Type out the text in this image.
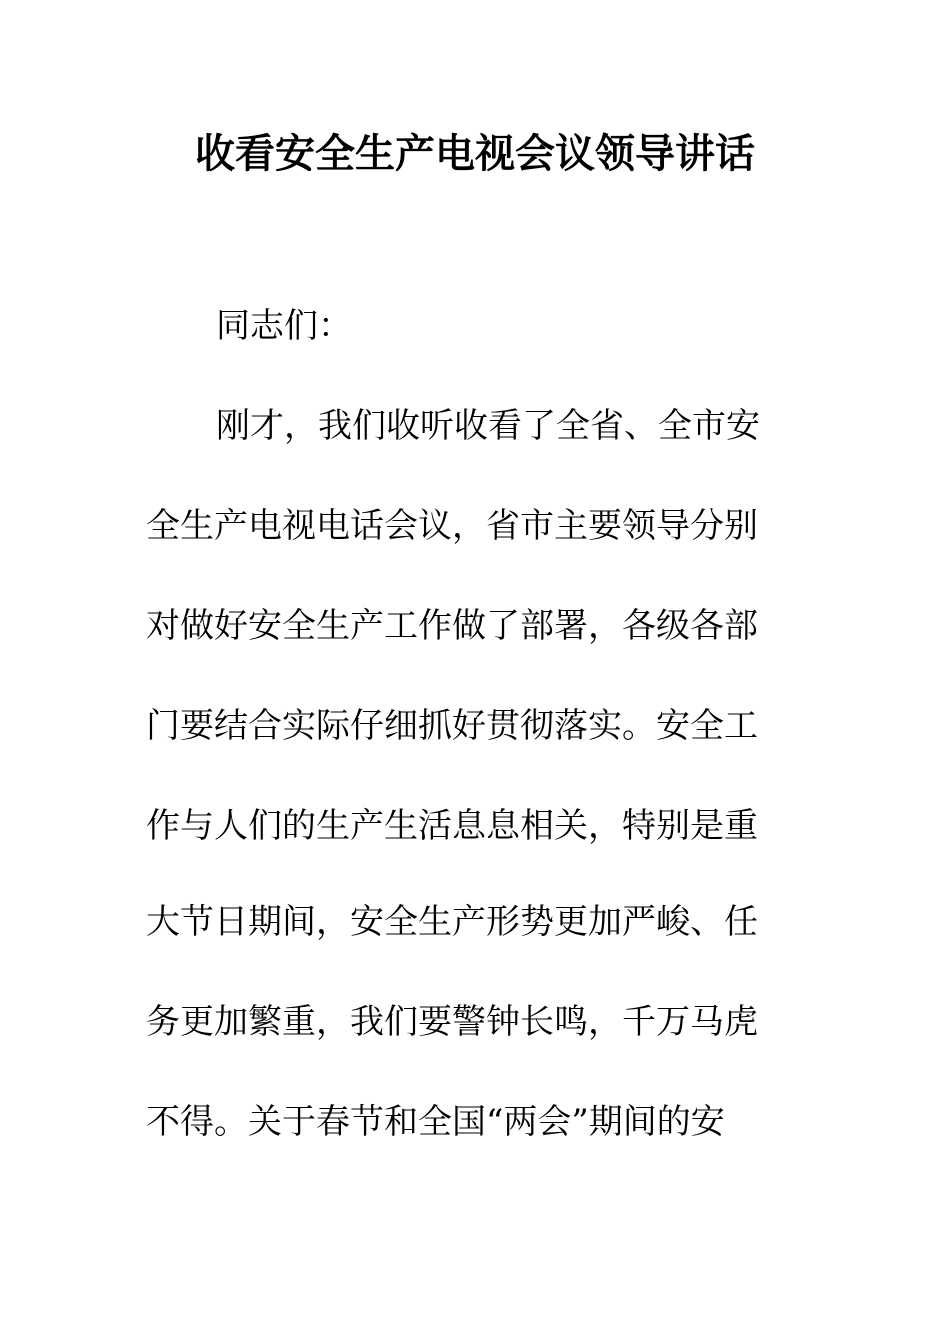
收看安全生产电视会议领导讲话
同志们：
刚才，我们收听收看了全省、全市安
全生产电视电话会议，省市主要领导分别
对做好安全生产工作做了部署，各级各部
门要结合实际仔细抓好贯彻落实。安全工
作与人们的生产生活息息相关，特别是重
大节日期间，安全生产形势更加严峻、任
务更加繁重，我们要警钟长鸣，千万马虎
不得。关于春节和全国“两会”期间的安
